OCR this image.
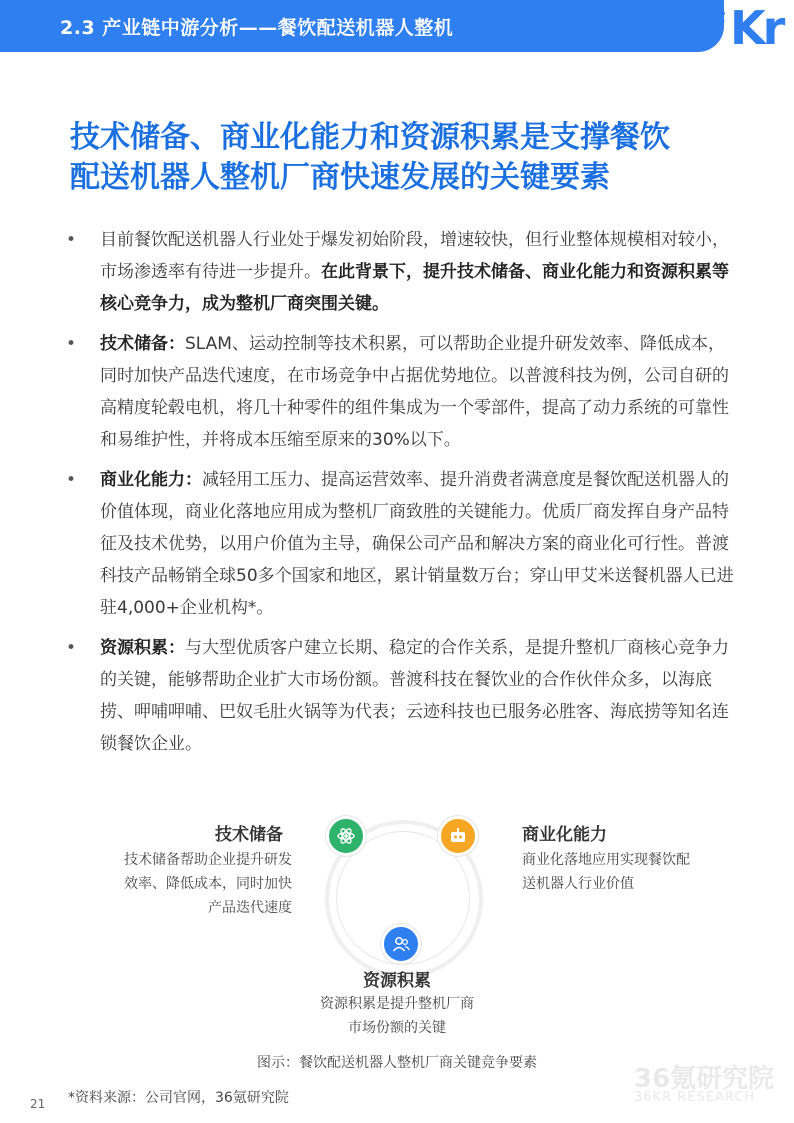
2.3 产业链中游分析——餐饮配送机器人整机	36 Kr
技术储备、商业化能力和资源积累是支撑餐饮
配送机器人整机厂商快速发展的关键要素
• 目前餐饮配送机器人行业处于爆发初始阶段，增速较快，但行业整体规模相对较小，市场渗透率有待进一步提升。在此背景下，提升技术储备、商业化能力和资源积累等核心竞争力，成为整机厂商突围关键。
• 技术储备：SLAM、运动控制等技术积累，可以帮助企业提升研发效率、降低成本，同时加快产品迭代速度，在市场竞争中占据优势地位。以普渡科技为例，公司自研的高精度轮毂电机，将几十种零件的组件集成为一个零部件，提高了动力系统的可靠性和易维护性，并将成本压缩至原来的30%以下。
• 商业化能力：减轻用工压力、提高运营效率、提升消费者满意度是餐饮配送机器人的价值体现，商业化落地应用成为整机厂商致胜的关键能力。优质厂商发挥自身产品特征及技术优势，以用户价值为主导，确保公司产品和解决方案的商业化可行性。普渡科技产品畅销全球50多个国家和地区，累计销量数万台；穿山甲艾米送餐机器人已进驻4,000+企业机构*。
• 资源积累：与大型优质客户建立长期、稳定的合作关系，是提升整机厂商核心竞争力的关键，能够帮助企业扩大市场份额。普渡科技在餐饮业的合作伙伴众多，以海底捞、呷哺呷哺、巴奴毛肚火锅等为代表；云迹科技也已服务必胜客、海底捞等知名连锁餐饮企业。
技术储备
技术储备帮助企业提升研发
效率、降低成本，同时加快
产品迭代速度
商业化能力
商业化落地应用实现餐饮配
送机器人行业价值
资源积累
资源积累是提升整机厂商
市场份额的关键
图示：餐饮配送机器人整机厂商关键竞争要素
36氪研究院
36KR RESEARCH
*资料来源：公司官网，36氪研究院
21
